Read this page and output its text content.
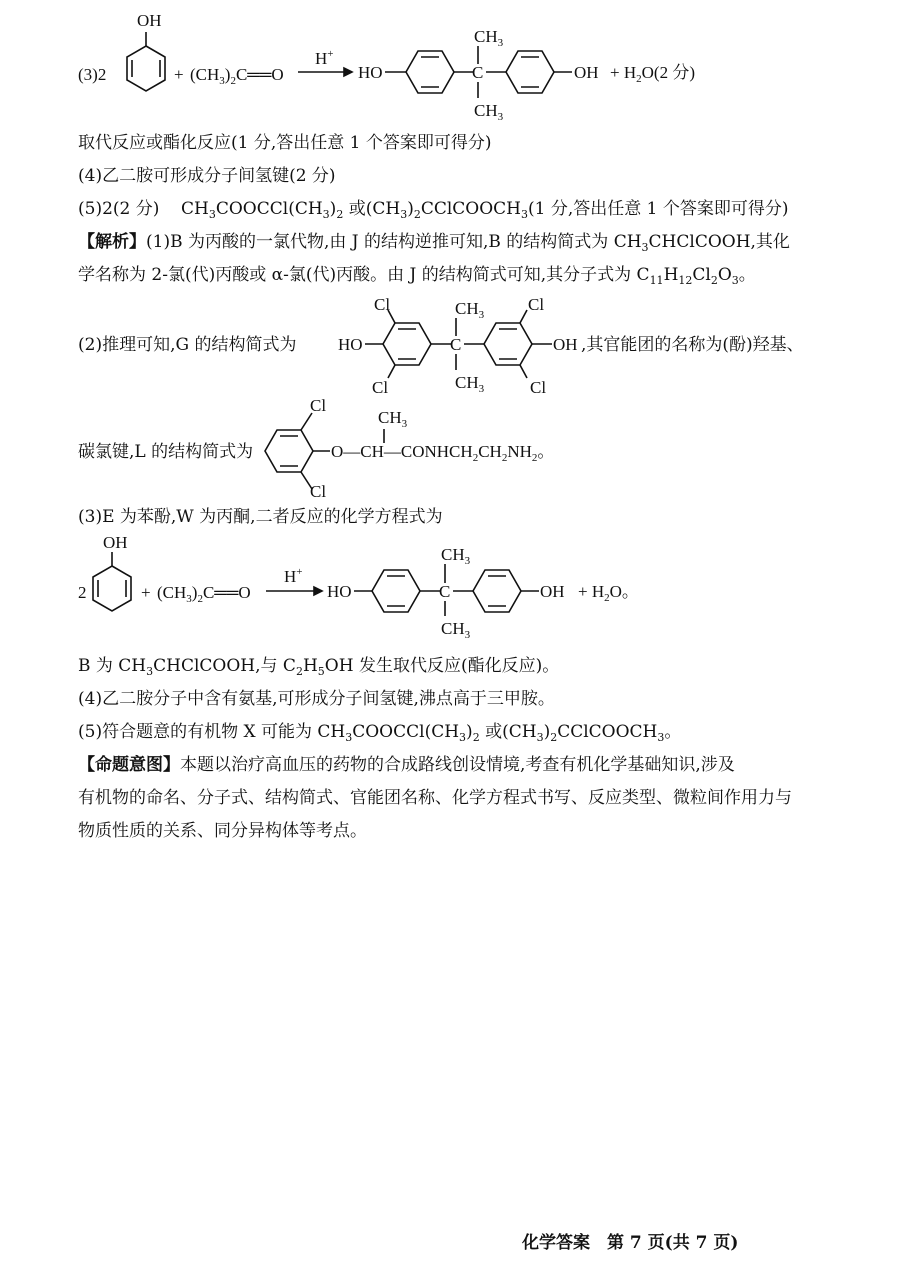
(3)2
OH
+ $(CH_3)_2C══O$
H+
HO	C
$CH_3$
$CH_3$
OH + $H_2O(2$ 分)
取代反应或酯化反应(1 分,答出任意 1 个答案即可得分)
(4)乙二胺可形成分子间氢键(2 分)
(5)2(2 分) $CH_3COOCCl(CH_3)_2$ 或$(CH_3)_2CClCOOCH_3(1$ 分,答出任意 1 个答案即可得分)
【解析】(1)B 为丙酸的一氯代物,由 J 的结构逆推可知,B 的结构简式为 $CH_3CHClCOOH$,其化
学名称为 2-氯(代)丙酸或 α-氯(代)丙酸。由 J 的结构简式可知,其分子式为 $C_{11}H_{12}Cl_2O_3$。
(2)推理可知,G 的结构简式为 HO
Cl
Cl
C
$CH_3$
$CH_3$
Cl
Cl
OH ,其官能团的名称为(酚)羟基、
碳氯键,L 的结构简式为
Cl
Cl
$CH_3$
$O—CH—CONHCH_2CH_2NH_2$。
(3)E 为苯酚,W 为丙酮,二者反应的化学方程式为
2
OH
+ $(CH_3)_2C══O$
H+
HO	C
$CH_3$
$CH_3$
OH + $H_2O$。
B 为 $CH_3CHClCOOH$,与 $C_2H_5OH$ 发生取代反应(酯化反应)。
(4)乙二胺分子中含有氨基,可形成分子间氢键,沸点高于三甲胺。
(5)符合题意的有机物 X 可能为 $CH_3COOCCl(CH_3)_2$ 或$(CH_3)_2CClCOOCH_3$。
【命题意图】本题以治疗高血压的药物的合成路线创设情境,考查有机化学基础知识,涉及
有机物的命名、分子式、结构简式、官能团名称、化学方程式书写、反应类型、微粒间作用力与
物质性质的关系、同分异构体等考点。
化学答案　第 7 页(共 7 页)
